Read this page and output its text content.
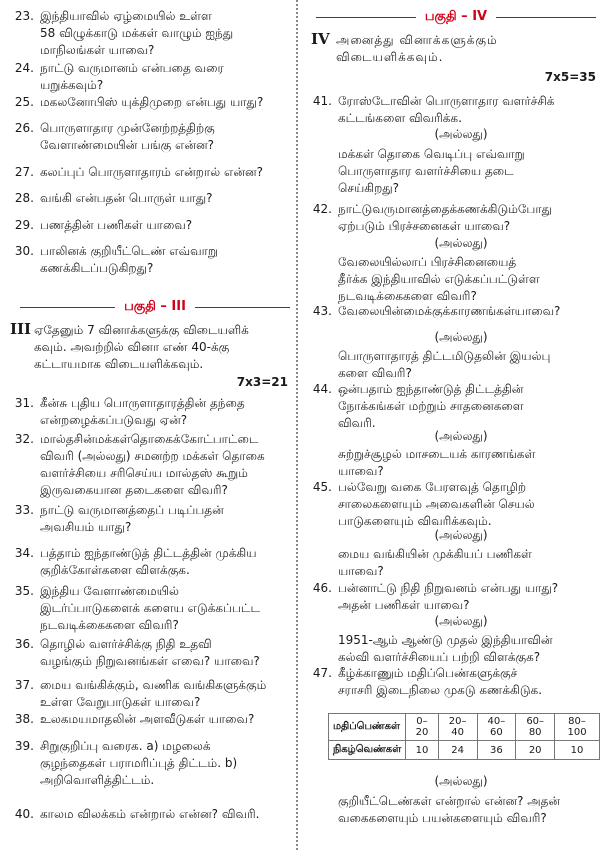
23. இந்தியாவில் ஏழ்மையில் உள்ள
58 விழுக்காடு மக்கள் வாழும் ஐந்து
மாநிலங்கள் யாவை?
24. நாட்டு வருமானம் என்பதை வரை
யறுக்கவும்?
25. மகலனோபிஸ் யுக்திமுறை என்பது யாது?
26. பொருளாதார முன்னேற்றத்திற்கு
வேளாண்மையின் பங்கு என்ன?
27. கலப்புப் பொருளாதாரம் என்றால் என்ன?
28. வங்கி என்பதன் பொருள் யாது?
29. பணத்தின் பணிகள் யாவை?
30. பாலினக் குறியீட்டெண் எவ்வாறு
கணக்கிடப்படுகிறது?
பகுதி – III
III ஏதேனும் 7 வினாக்களுக்கு விடையளிக்
கவும். அவற்றில் வினா எண் 40-க்கு
கட்டாயமாக விடையளிக்கவும்.
7x3=21
31. கீன்சு புதிய பொருளாதாரத்தின் தந்தை
என்றழைக்கப்படுவது ஏன்?
32. மால்தசின்மக்கள்தொகைக்கோட்பாட்டை
விவரி (அல்லது) சமனற்ற மக்கள் தொகை
வளர்ச்சியை சரிசெய்ய மால்தஸ் கூறும்
இருவகையான தடைகளை விவரி?
33. நாட்டு வருமானத்தைப் படிப்பதன்
அவசியம் யாது?
34. பத்தாம் ஐந்தாண்டுத் திட்டத்தின் முக்கிய
குறிக்கோள்களை விளக்குக.
35. இந்திய வேளாண்மையில்
இடர்ப்பாடுகளைக் களைய எடுக்கப்பட்ட
நடவடிக்கைகளை விவரி?
36. தொழில் வளர்ச்சிக்கு நிதி உதவி
வழங்கும் நிறுவனங்கள் எவை? யாவை?
37. மைய வங்கிக்கும், வணிக வங்கிகளுக்கும்
உள்ள வேறுபாடுகள் யாவை?
38. உலகமயமாதலின் அளவீடுகள் யாவை?
39. சிறுகுறிப்பு வரைக. a) மழலைக்
குழந்தைகள் பராமரிப்புத் திட்டம். b)
அறிவொளித்திட்டம்.
40. காலம விலக்கம் என்றால் என்ன? விவரி.
பகுதி – IV
IV அனைத்து வினாக்களுக்கும்
விடையளிக்கவும்.
7x5=35
41. ரோஸ்டோவின் பொருளாதார வளர்ச்சிக்
கட்டங்களை விவரிக்க.
(அல்லது)
மக்கள் தொகை வெடிப்பு எவ்வாறு
பொருளாதார வளர்ச்சியை தடை
செய்கிறது?
42. நாட்டுவருமானத்தைக்கணக்கிடும்போது
ஏற்படும் பிரச்சனைகள் யாவை?
(அல்லது)
வேலையில்லாப் பிரச்சினையைத்
தீர்க்க இந்தியாவில் எடுக்கப்பட்டுள்ள
நடவடிக்கைகளை விவரி?
43. வேலையின்மைக்குக்காரணங்கள்யாவை?
(அல்லது)
பொருளாதாரத் திட்டமிடுதலின் இயல்பு
களை விவரி?
44. ஒன்பதாம் ஐந்தாண்டுத் திட்டத்தின்
நோக்கங்கள் மற்றும் சாதனைகளை
விவரி.
(அல்லது)
சுற்றுச்சூழல் மாசடையக் காரணங்கள்
யாவை?
45. பல்வேறு வகை பேரளவுத் தொழிற்
சாலைகளையும் அவைகளின் செயல்
பாடுகளையும் விவரிக்கவும்.
(அல்லது)
மைய வங்கியின் முக்கியப் பணிகள்
யாவை?
46. பன்னாட்டு நிதி நிறுவனம் என்பது யாது?
அதன் பணிகள் யாவை?
(அல்லது)
1951-ஆம் ஆண்டு முதல் இந்தியாவின்
கல்வி வளர்ச்சியைப் பற்றி விளக்குக?
47. கீழ்க்காணும் மதிப்பெண்களுக்குச்
சராசரி இடைநிலை முகடு கணக்கிடுக.
(அல்லது)
குறியீட்டெண்கள் என்றால் என்ன? அதன்
வகைகளையும் பயன்களையும் விவரி?
மதிப்பெண்கள்	0–20	20–40	40–60	60–80	80–100
நிகழ்வெண்கள்	10	24	36	20	10
